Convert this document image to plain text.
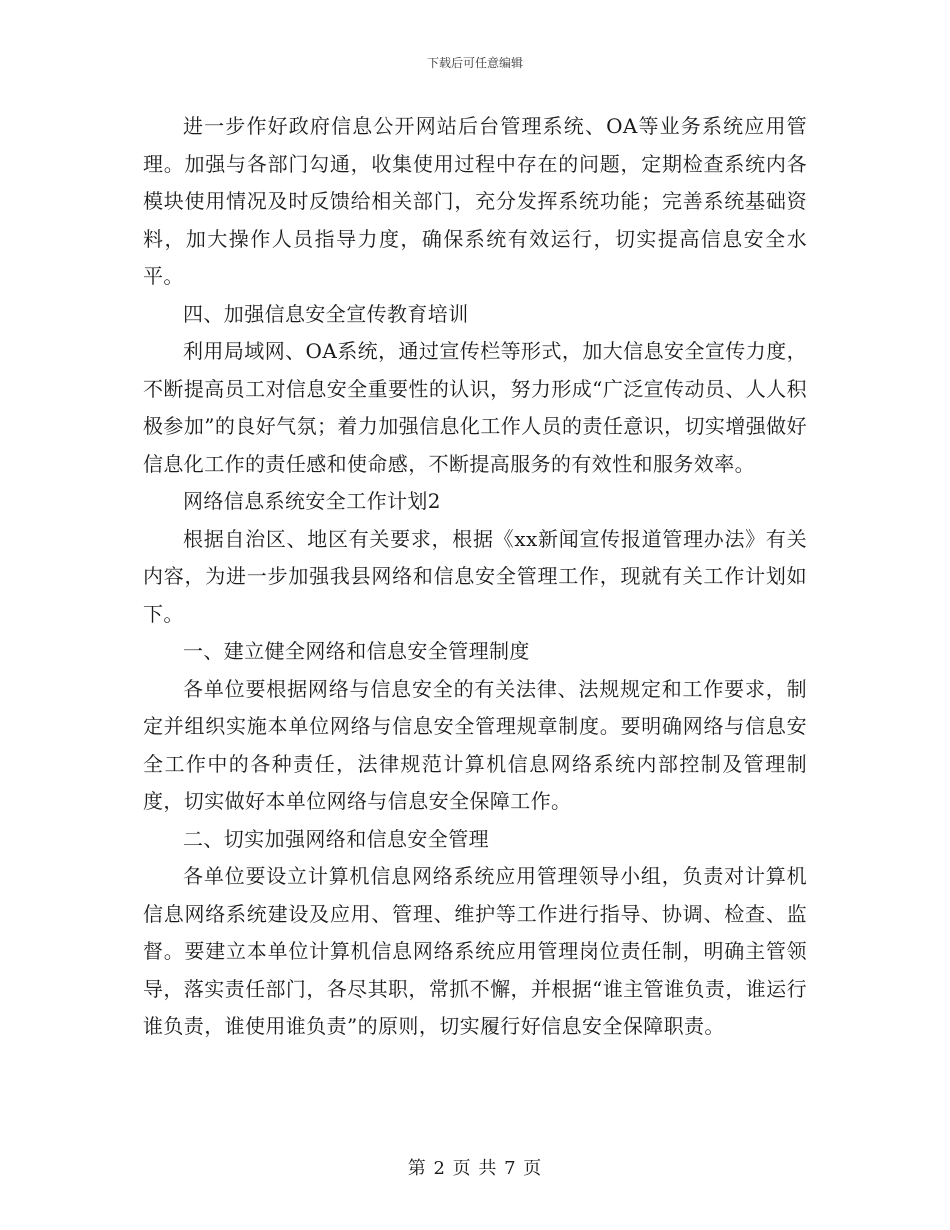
下载后可任意编辑

进一步作好政府信息公开网站后台管理系统、OA等业务系统应用管理。加强与各部门勾通，收集使用过程中存在的问题，定期检查系统内各模块使用情况及时反馈给相关部门，充分发挥系统功能；完善系统基础资料，加大操作人员指导力度，确保系统有效运行，切实提高信息安全水平。

四、加强信息安全宣传教育培训

利用局域网、OA系统，通过宣传栏等形式，加大信息安全宣传力度，不断提高员工对信息安全重要性的认识，努力形成“广泛宣传动员、人人积极参加”的良好气氛；着力加强信息化工作人员的责任意识，切实增强做好信息化工作的责任感和使命感，不断提高服务的有效性和服务效率。

网络信息系统安全工作计划2

根据自治区、地区有关要求，根据《xx新闻宣传报道管理办法》有关内容，为进一步加强我县网络和信息安全管理工作，现就有关工作计划如下。

一、建立健全网络和信息安全管理制度

各单位要根据网络与信息安全的有关法律、法规规定和工作要求，制定并组织实施本单位网络与信息安全管理规章制度。要明确网络与信息安全工作中的各种责任，法律规范计算机信息网络系统内部控制及管理制度，切实做好本单位网络与信息安全保障工作。

二、切实加强网络和信息安全管理

各单位要设立计算机信息网络系统应用管理领导小组，负责对计算机信息网络系统建设及应用、管理、维护等工作进行指导、协调、检查、监督。要建立本单位计算机信息网络系统应用管理岗位责任制，明确主管领导，落实责任部门，各尽其职，常抓不懈，并根据“谁主管谁负责，谁运行谁负责，谁使用谁负责”的原则，切实履行好信息安全保障职责。

第 2 页 共 7 页
